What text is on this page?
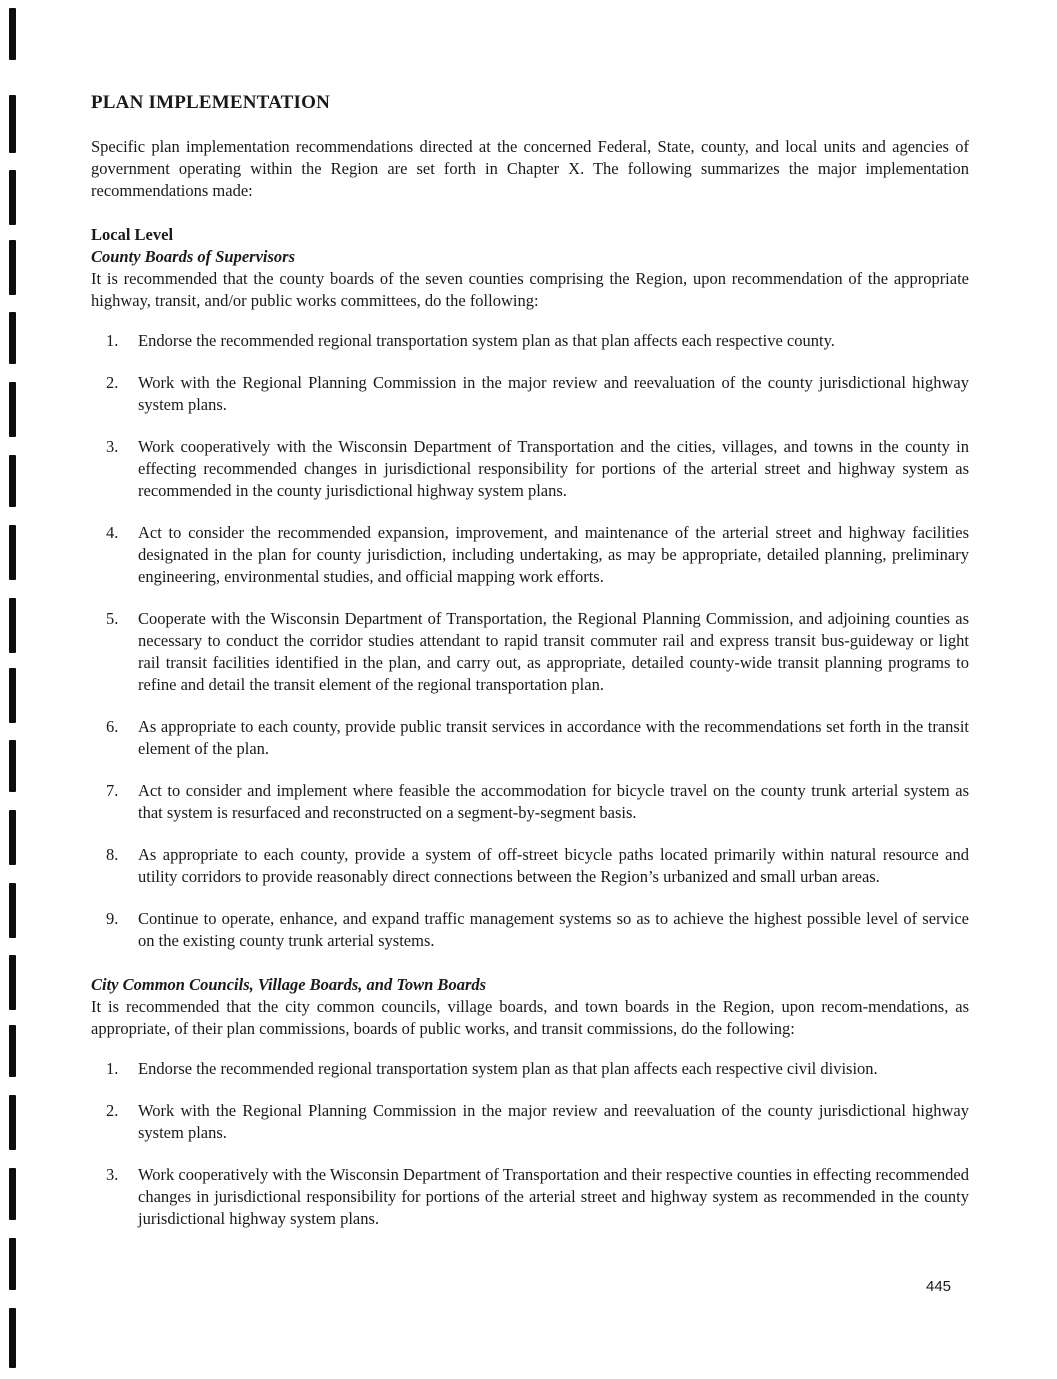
PLAN IMPLEMENTATION

Specific plan implementation recommendations directed at the concerned Federal, State, county, and local units and agencies of government operating within the Region are set forth in Chapter X. The following summarizes the major implementation recommendations made:

Local Level
County Boards of Supervisors

It is recommended that the county boards of the seven counties comprising the Region, upon recommendation of the appropriate highway, transit, and/or public works committees, do the following:

1. Endorse the recommended regional transportation system plan as that plan affects each respective county.
2. Work with the Regional Planning Commission in the major review and reevaluation of the county jurisdictional highway system plans.
3. Work cooperatively with the Wisconsin Department of Transportation and the cities, villages, and towns in the county in effecting recommended changes in jurisdictional responsibility for portions of the arterial street and highway system as recommended in the county jurisdictional highway system plans.
4. Act to consider the recommended expansion, improvement, and maintenance of the arterial street and highway facilities designated in the plan for county jurisdiction, including undertaking, as may be appropriate, detailed planning, preliminary engineering, environmental studies, and official mapping work efforts.
5. Cooperate with the Wisconsin Department of Transportation, the Regional Planning Commission, and adjoining counties as necessary to conduct the corridor studies attendant to rapid transit commuter rail and express transit bus-guideway or light rail transit facilities identified in the plan, and carry out, as appropriate, detailed county-wide transit planning programs to refine and detail the transit element of the regional transportation plan.
6. As appropriate to each county, provide public transit services in accordance with the recommendations set forth in the transit element of the plan.
7. Act to consider and implement where feasible the accommodation for bicycle travel on the county trunk arterial system as that system is resurfaced and reconstructed on a segment-by-segment basis.
8. As appropriate to each county, provide a system of off-street bicycle paths located primarily within natural resource and utility corridors to provide reasonably direct connections between the Region’s urbanized and small urban areas.
9. Continue to operate, enhance, and expand traffic management systems so as to achieve the highest possible level of service on the existing county trunk arterial systems.
City Common Councils, Village Boards, and Town Boards

It is recommended that the city common councils, village boards, and town boards in the Region, upon recom-mendations, as appropriate, of their plan commissions, boards of public works, and transit commissions, do the following:

1. Endorse the recommended regional transportation system plan as that plan affects each respective civil division.
2. Work with the Regional Planning Commission in the major review and reevaluation of the county jurisdictional highway system plans.
3. Work cooperatively with the Wisconsin Department of Transportation and their respective counties in effecting recommended changes in jurisdictional responsibility for portions of the arterial street and highway system as recommended in the county jurisdictional highway system plans.
445
